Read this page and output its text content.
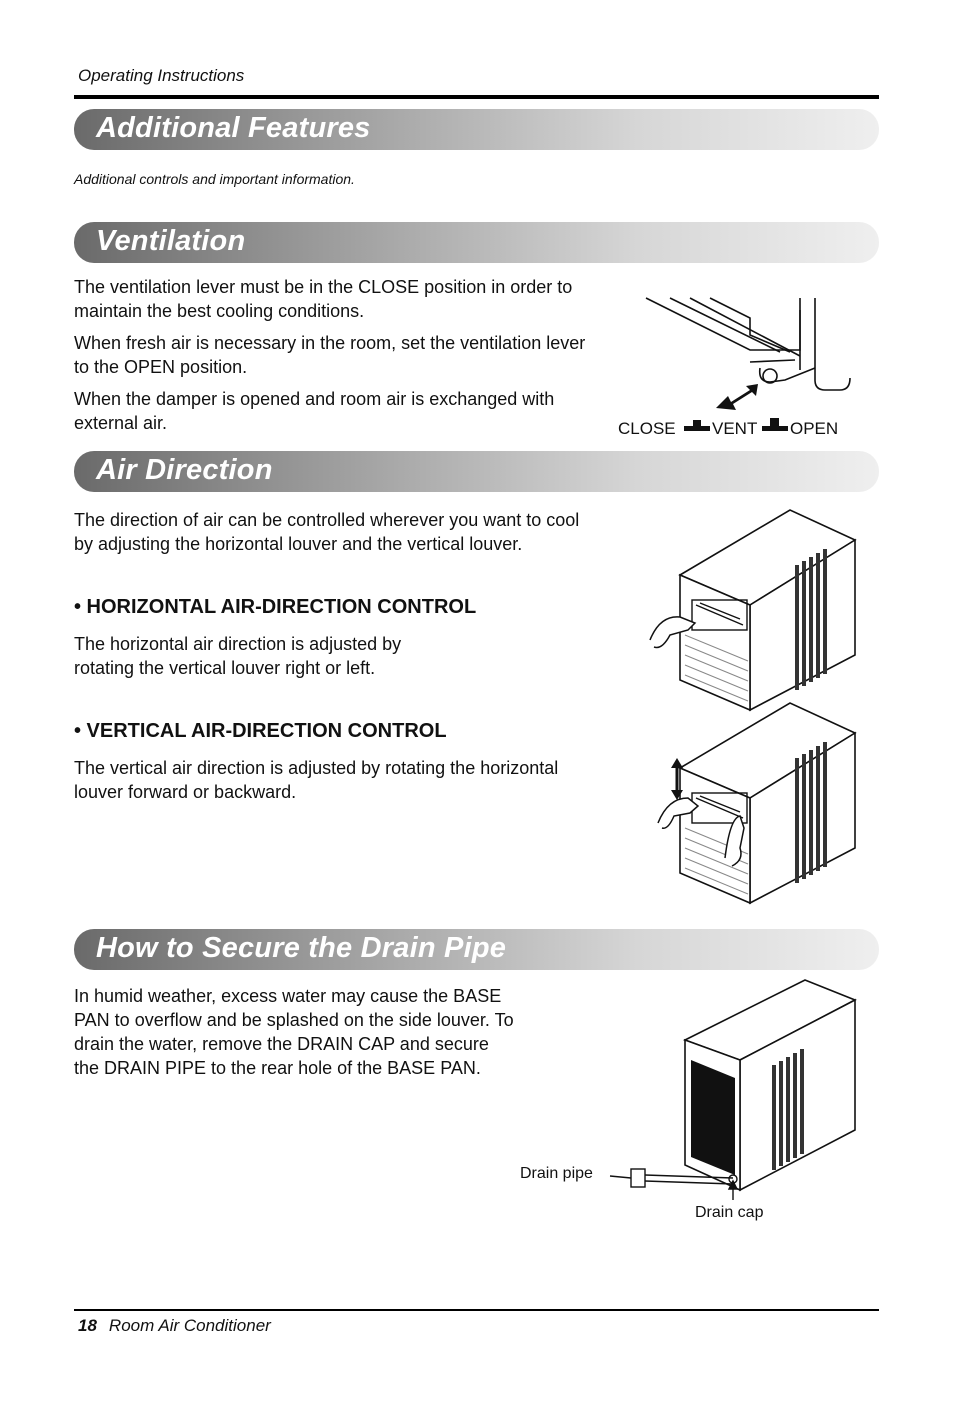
Operating Instructions
Additional Features
Additional controls and important information.
Ventilation

The ventilation lever must be in the CLOSE position in order to maintain the best cooling conditions.

When fresh air is necessary in the room, set the ventilation lever to the OPEN position.

When the damper is opened and room air is exchanged with external air.	CLOSE VENT OPEN
Air Direction
The direction of air can be controlled wherever you want to cool by adjusting the horizontal louver and the vertical louver.
• HORIZONTAL AIR-DIRECTION CONTROL
The horizontal air direction is adjusted by rotating the vertical louver right or left.
• VERTICAL AIR-DIRECTION CONTROL
The vertical air direction is adjusted by rotating the horizontal louver forward or backward.
How to Secure the Drain Pipe
In humid weather, excess water may cause the BASE PAN to overflow and be splashed on the side louver. To drain the water, remove the DRAIN CAP and secure the DRAIN PIPE to the rear hole of the BASE PAN.
Drain pipe
Drain cap
18 Room Air Conditioner
